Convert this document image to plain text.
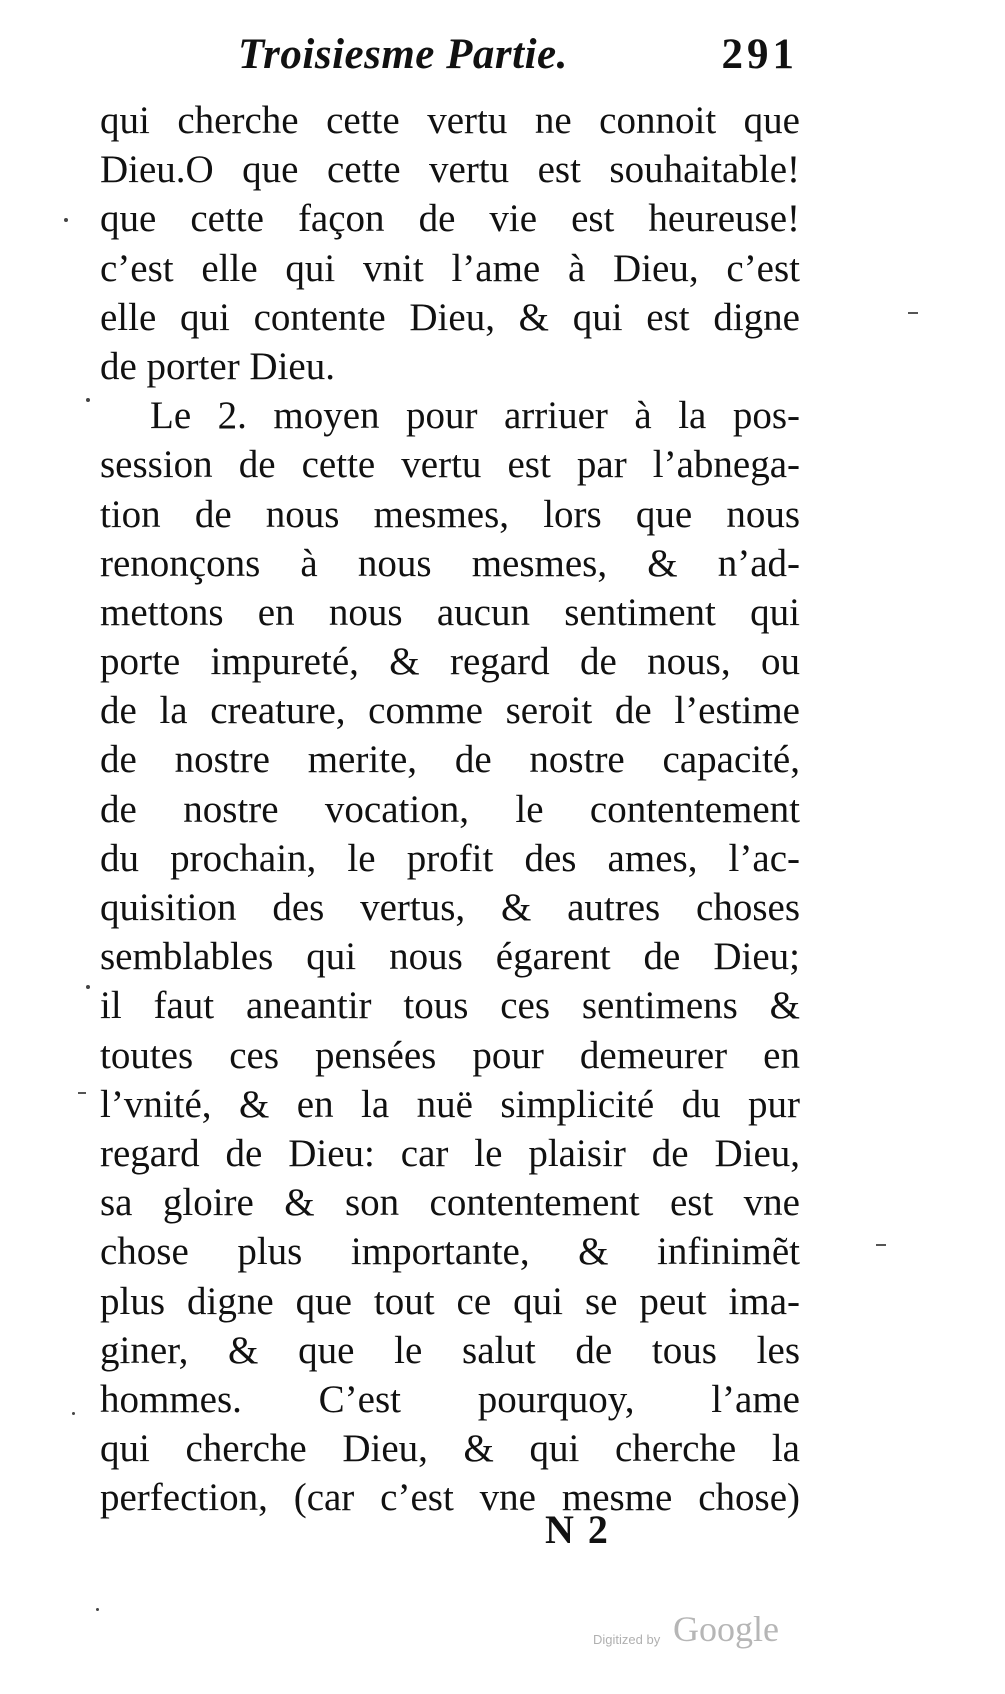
Troisiesme Partie.	291
qui cherche cette vertu ne connoit que
Dieu.O que cette vertu est souhaitable!
que cette façon de vie est heureuse!
c’est elle qui vnit l’ame à Dieu, c’est
elle qui contente Dieu, & qui est digne
de porter Dieu.
Le 2. moyen pour arriuer à la pos-
session de cette vertu est par l’abnega-
tion de nous mesmes, lors que nous
renonçons à nous mesmes, & n’ad-
mettons en nous aucun sentiment qui
porte impureté, & regard de nous, ou
de la creature, comme seroit de l’estime
de nostre merite, de nostre capacité,
de nostre vocation, le contentement
du prochain, le profit des ames, l’ac-
quisition des vertus, & autres choses
semblables qui nous égarent de Dieu;
il faut aneantir tous ces sentimens &
toutes ces pensées pour demeurer en
l’vnité, & en la nuë simplicité du pur
regard de Dieu: car le plaisir de Dieu,
sa gloire & son contentement est vne
chose plus importante, & infinimẽt
plus digne que tout ce qui se peut ima-
giner, & que le salut de tous les
hommes. C’est pourquoy, l’ame
qui cherche Dieu, & qui cherche la
perfection, (car c’est vne mesme chose)
N 2
Digitized by Google
